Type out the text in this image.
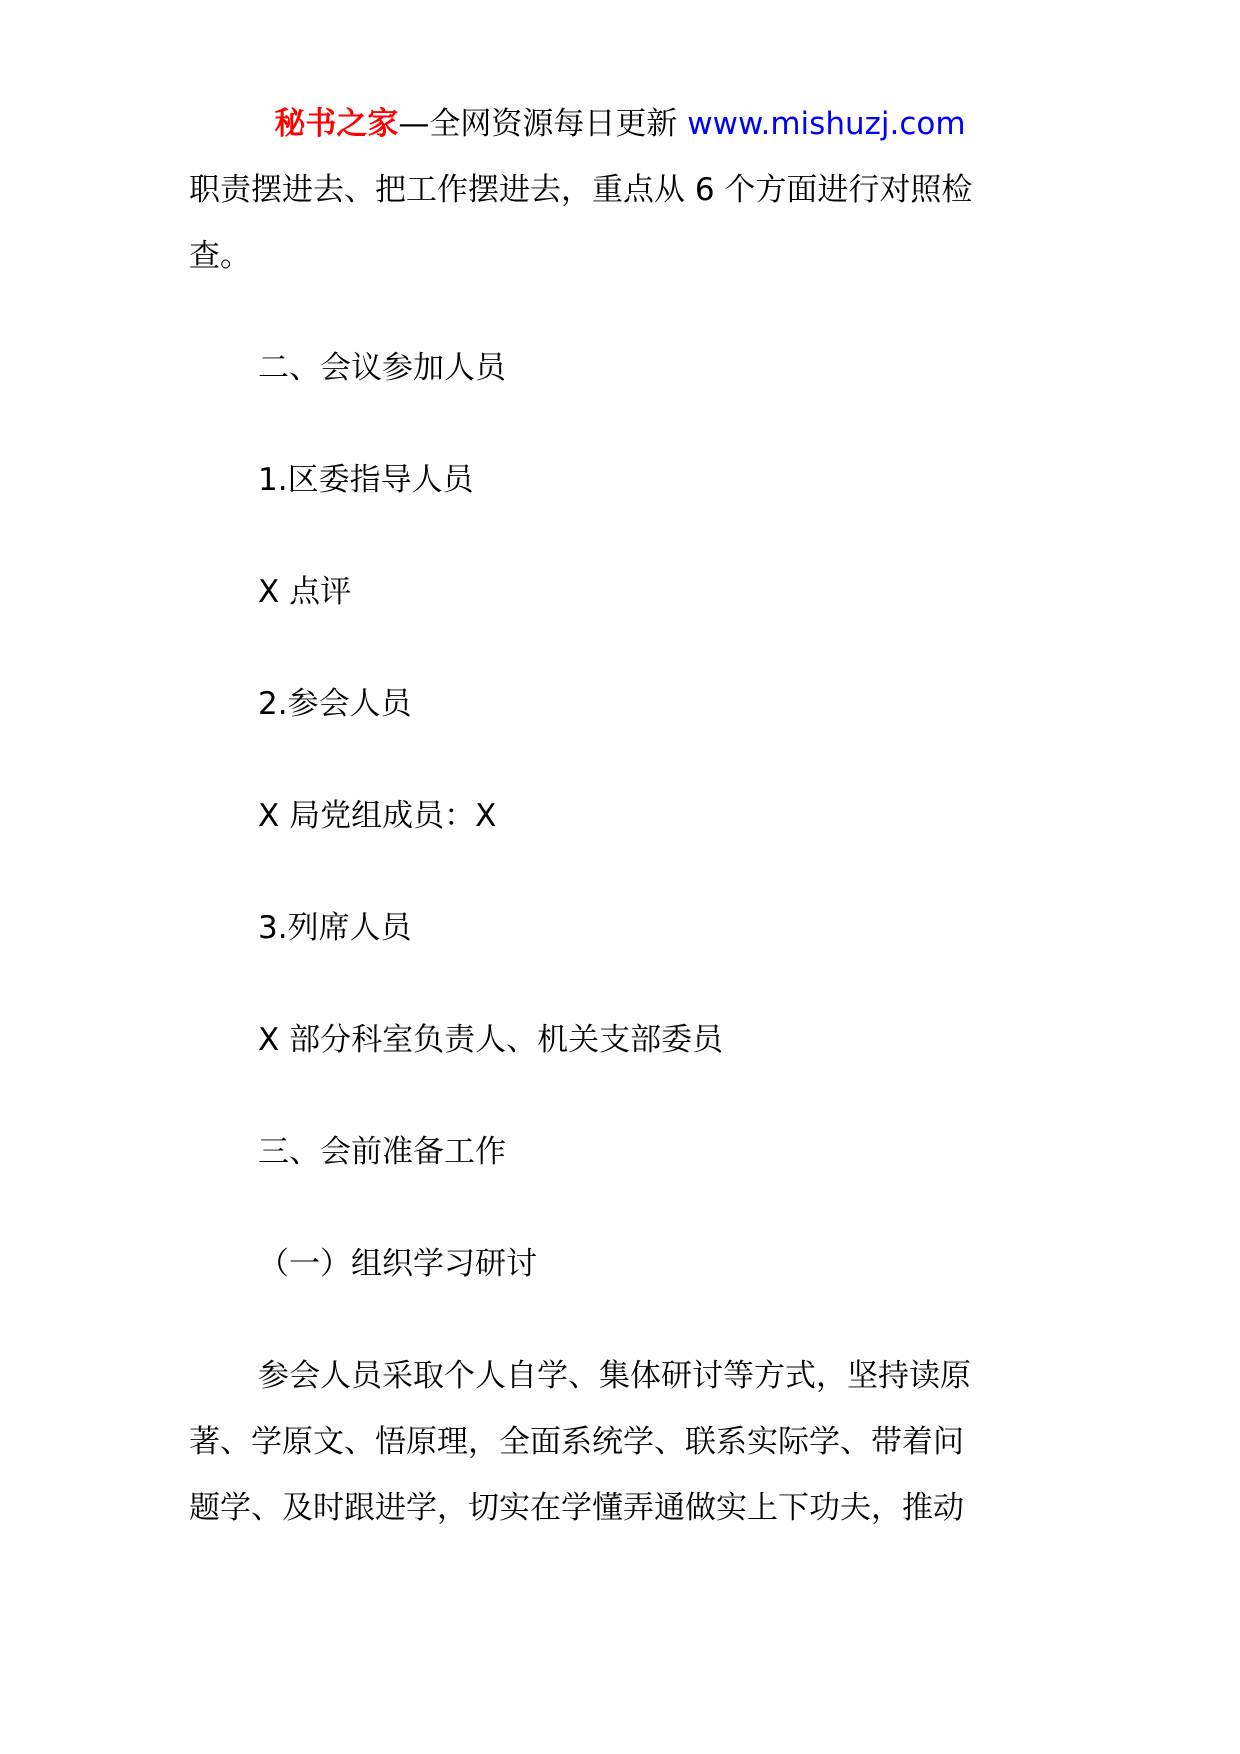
秘书之家—全网资源每日更新 www.mishuzj.com
职责摆进去、把工作摆进去，重点从 6 个方面进行对照检
查。
二、会议参加人员
1.区委指导人员
X 点评
2.参会人员
X 局党组成员：X
3.列席人员
X 部分科室负责人、机关支部委员
三、会前准备工作
（一）组织学习研讨
参会人员采取个人自学、集体研讨等方式，坚持读原
著、学原文、悟原理，全面系统学、联系实际学、带着问
题学、及时跟进学，切实在学懂弄通做实上下功夫，推动
